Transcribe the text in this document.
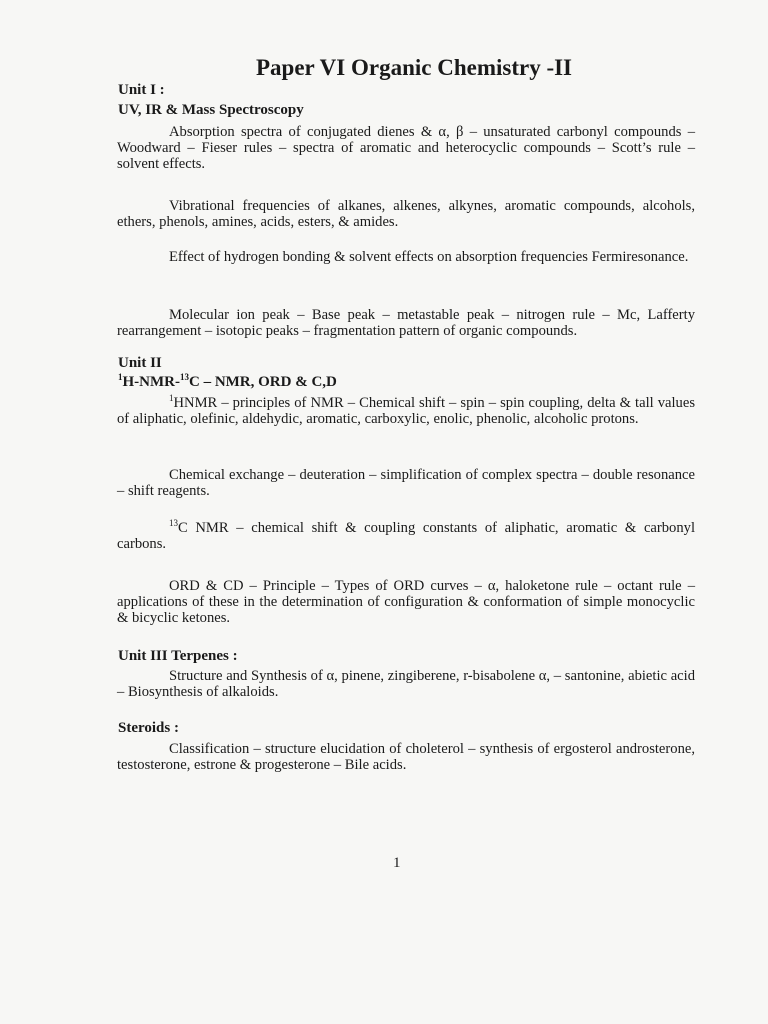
Paper VI Organic Chemistry -II
Unit I :
UV, IR & Mass Spectroscopy
Absorption spectra of conjugated dienes & α, β – unsaturated carbonyl compounds – Woodward – Fieser rules – spectra of aromatic and heterocyclic compounds – Scott’s rule – solvent effects.
Vibrational frequencies of alkanes, alkenes, alkynes, aromatic compounds, alcohols, ethers, phenols, amines, acids, esters, & amides.
Effect of hydrogen bonding & solvent effects on absorption frequencies Fermiresonance.
Molecular ion peak – Base peak – metastable peak – nitrogen rule – Mc, Lafferty rearrangement – isotopic peaks – fragmentation pattern of organic compounds.
Unit II
$^1$H-NMR-$^{13}$C – NMR, ORD & C,D
$^1$HNMR – principles of NMR – Chemical shift – spin – spin coupling, delta & tall values of aliphatic, olefinic, aldehydic, aromatic, carboxylic, enolic, phenolic, alcoholic protons.
Chemical exchange – deuteration – simplification of complex spectra – double resonance – shift reagents.
$^{13}$C NMR – chemical shift & coupling constants of aliphatic, aromatic & carbonyl carbons.
ORD & CD – Principle – Types of ORD curves – α, haloketone rule – octant rule – applications of these in the determination of configuration & conformation of simple monocyclic & bicyclic ketones.
Unit III Terpenes :
Structure and Synthesis of α, pinene, zingiberene, r-bisabolene α, – santonine, abietic acid – Biosynthesis of alkaloids.
Steroids :
Classification – structure elucidation of choleterol – synthesis of ergosterol androsterone, testosterone, estrone & progesterone – Bile acids.
1
